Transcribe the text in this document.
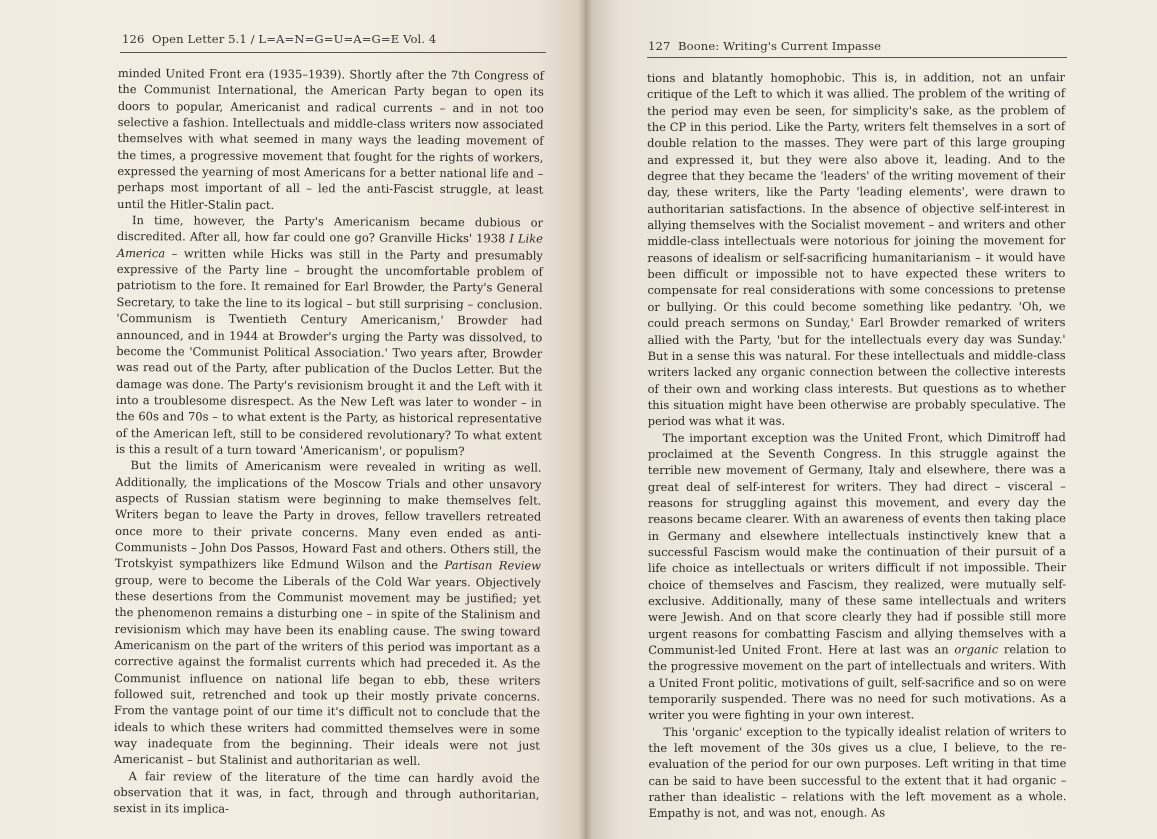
126 Open Letter 5.1 / L=A=N=G=U=A=G=E Vol. 4

minded United Front era (1935–1939). Shortly after the 7th Congress of the Communist International, the American Party began to open its doors to popular, Americanist and radical currents – and in not too selective a fashion. Intellectuals and middle-class writers now associated themselves with what seemed in many ways the leading movement of the times, a progressive movement that fought for the rights of workers, expressed the yearning of most Americans for a better national life and – perhaps most important of all – led the anti-Fascist struggle, at least until the Hitler-Stalin pact.

In time, however, the Party's Americanism became dubious or discredited. After all, how far could one go? Granville Hicks' 1938 I Like America – written while Hicks was still in the Party and presumably expressive of the Party line – brought the uncomfortable problem of patriotism to the fore. It remained for Earl Browder, the Party's General Secretary, to take the line to its logical – but still surprising – conclusion. 'Communism is Twentieth Century Americanism,' Browder had announced, and in 1944 at Browder's urging the Party was dissolved, to become the 'Communist Political Association.' Two years after, Browder was read out of the Party, after publication of the Duclos Letter. But the damage was done. The Party's revisionism brought it and the Left with it into a troublesome disrespect. As the New Left was later to wonder – in the 60s and 70s – to what extent is the Party, as historical representative of the American left, still to be considered revolutionary? To what extent is this a result of a turn toward 'Americanism', or populism?

But the limits of Americanism were revealed in writing as well. Additionally, the implications of the Moscow Trials and other unsavory aspects of Russian statism were beginning to make themselves felt. Writers began to leave the Party in droves, fellow travellers retreated once more to their private concerns. Many even ended as anti-Communists – John Dos Passos, Howard Fast and others. Others still, the Trotskyist sympathizers like Edmund Wilson and the Partisan Review group, were to become the Liberals of the Cold War years. Objectively these desertions from the Communist movement may be justified; yet the phenomenon remains a disturbing one – in spite of the Stalinism and revisionism which may have been its enabling cause. The swing toward Americanism on the part of the writers of this period was important as a corrective against the formalist currents which had preceded it. As the Communist influence on national life began to ebb, these writers followed suit, retrenched and took up their mostly private concerns. From the vantage point of our time it's difficult not to conclude that the ideals to which these writers had committed themselves were in some way inadequate from the beginning. Their ideals were not just Americanist – but Stalinist and authoritarian as well.

A fair review of the literature of the time can hardly avoid the observation that it was, in fact, through and through authoritarian, sexist in its implica-

127 Boone: Writing's Current Impasse

tions and blatantly homophobic. This is, in addition, not an unfair critique of the Left to which it was allied. The problem of the writing of the period may even be seen, for simplicity's sake, as the problem of the CP in this period. Like the Party, writers felt themselves in a sort of double relation to the masses. They were part of this large grouping and expressed it, but they were also above it, leading. And to the degree that they became the 'leaders' of the writing movement of their day, these writers, like the Party 'leading elements', were drawn to authoritarian satisfactions. In the absence of objective self-interest in allying themselves with the Socialist movement – and writers and other middle-class intellectuals were notorious for joining the movement for reasons of idealism or self-sacrificing humanitarianism – it would have been difficult or impossible not to have expected these writers to compensate for real considerations with some concessions to pretense or bullying. Or this could become something like pedantry. 'Oh, we could preach sermons on Sunday,' Earl Browder remarked of writers allied with the Party, 'but for the intellectuals every day was Sunday.' But in a sense this was natural. For these intellectuals and middle-class writers lacked any organic connection between the collective interests of their own and working class interests. But questions as to whether this situation might have been otherwise are probably speculative. The period was what it was.

The important exception was the United Front, which Dimitroff had proclaimed at the Seventh Congress. In this struggle against the terrible new movement of Germany, Italy and elsewhere, there was a great deal of self-interest for writers. They had direct – visceral – reasons for struggling against this movement, and every day the reasons became clearer. With an awareness of events then taking place in Germany and elsewhere intellectuals instinctively knew that a successful Fascism would make the continuation of their pursuit of a life choice as intellectuals or writers difficult if not impossible. Their choice of themselves and Fascism, they realized, were mutually self-exclusive. Additionally, many of these same intellectuals and writers were Jewish. And on that score clearly they had if possible still more urgent reasons for combatting Fascism and allying themselves with a Communist-led United Front. Here at last was an organic relation to the progressive movement on the part of intellectuals and writers. With a United Front politic, motivations of guilt, self-sacrifice and so on were temporarily suspended. There was no need for such motivations. As a writer you were fighting in your own interest.

This 'organic' exception to the typically idealist relation of writers to the left movement of the 30s gives us a clue, I believe, to the re-evaluation of the period for our own purposes. Left writing in that time can be said to have been successful to the extent that it had organic – rather than idealistic – relations with the left movement as a whole. Empathy is not, and was not, enough. As
